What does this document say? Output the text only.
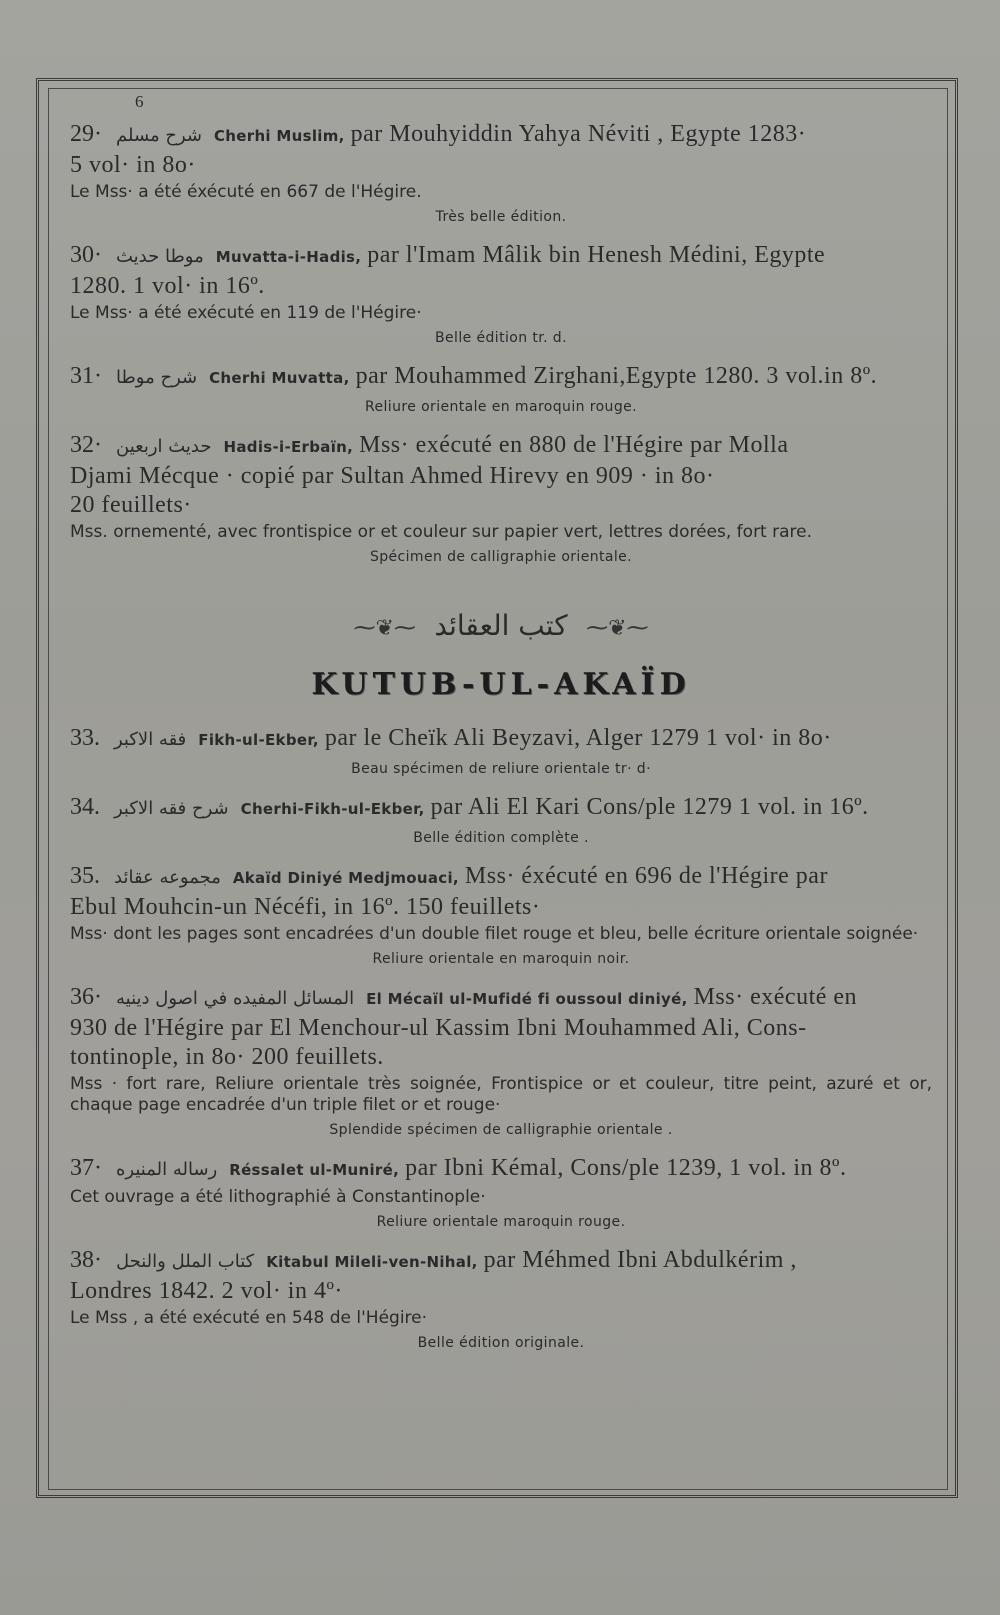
6
29· شرح مسلم Cherhi Muslim, par Mouhyiddin Yahya Néviti , Egypte 1283·
5 vol· in 8o·
Le Mss· a été éxécuté en 667 de l'Hégire.
Très belle édition.
30· موطا حديث Muvatta-i-Hadis, par l'Imam Mâlik bin Henesh Médini, Egypte
1280. 1 vol· in 16º.
Le Mss· a été exécuté en 119 de l'Hégire·
Belle édition tr. d.
31· شرح موطا Cherhi Muvatta, par Mouhammed Zirghani,Egypte 1280. 3 vol.in 8º.
Reliure orientale en maroquin rouge.
32· حديث اربعين Hadis-i-Erbaïn, Mss· exécuté en 880 de l'Hégire par Molla
Djami Mécque · copié par Sultan Ahmed Hirevy en 909 · in 8o·
20 feuillets·
Mss. ornementé, avec frontispice or et couleur sur papier vert, lettres dorées, fort rare.
Spécimen de calligraphie orientale.
⁓❦⁓ کتب العقائد ⁓❦⁓
KUTUB-UL-AKAÏD
33. فقه الاكبر Fikh-ul-Ekber, par le Cheïk Ali Beyzavi, Alger 1279 1 vol· in 8o·
Beau spécimen de reliure orientale tr· d·
34. شرح فقه الاكبر Cherhi-Fikh-ul-Ekber, par Ali El Kari Cons/ple 1279 1 vol. in 16º.
Belle édition complète .
35. مجموعه عقائد Akaïd Diniyé Medjmouaci, Mss· éxécuté en 696 de l'Hégire par
Ebul Mouhcin-un Nécéfi, in 16º. 150 feuillets·
Mss· dont les pages sont encadrées d'un double filet rouge et bleu, belle écriture orientale soignée·
Reliure orientale en maroquin noir.
36· المسائل المفيده في اصول دينيه El Mécaïl ul-Mufidé fi oussoul diniyé, Mss· exécuté en
930 de l'Hégire par El Menchour-ul Kassim Ibni Mouhammed Ali, Cons-
tontinople, in 8o· 200 feuillets.
Mss · fort rare, Reliure orientale très soignée, Frontispice or et couleur, titre peint, azuré et or, chaque page encadrée d'un triple filet or et rouge·
Splendide spécimen de calligraphie orientale .
37· رساله المنيره Réssalet ul-Muniré, par Ibni Kémal, Cons/ple 1239, 1 vol. in 8º.
Cet ouvrage a été lithographié à Constantinople·
Reliure orientale maroquin rouge.
38· كتاب الملل والنحل Kitabul Mileli-ven-Nihal, par Méhmed Ibni Abdulkérim ,
Londres 1842. 2 vol· in 4º·
Le Mss , a été exécuté en 548 de l'Hégire·
Belle édition originale.
